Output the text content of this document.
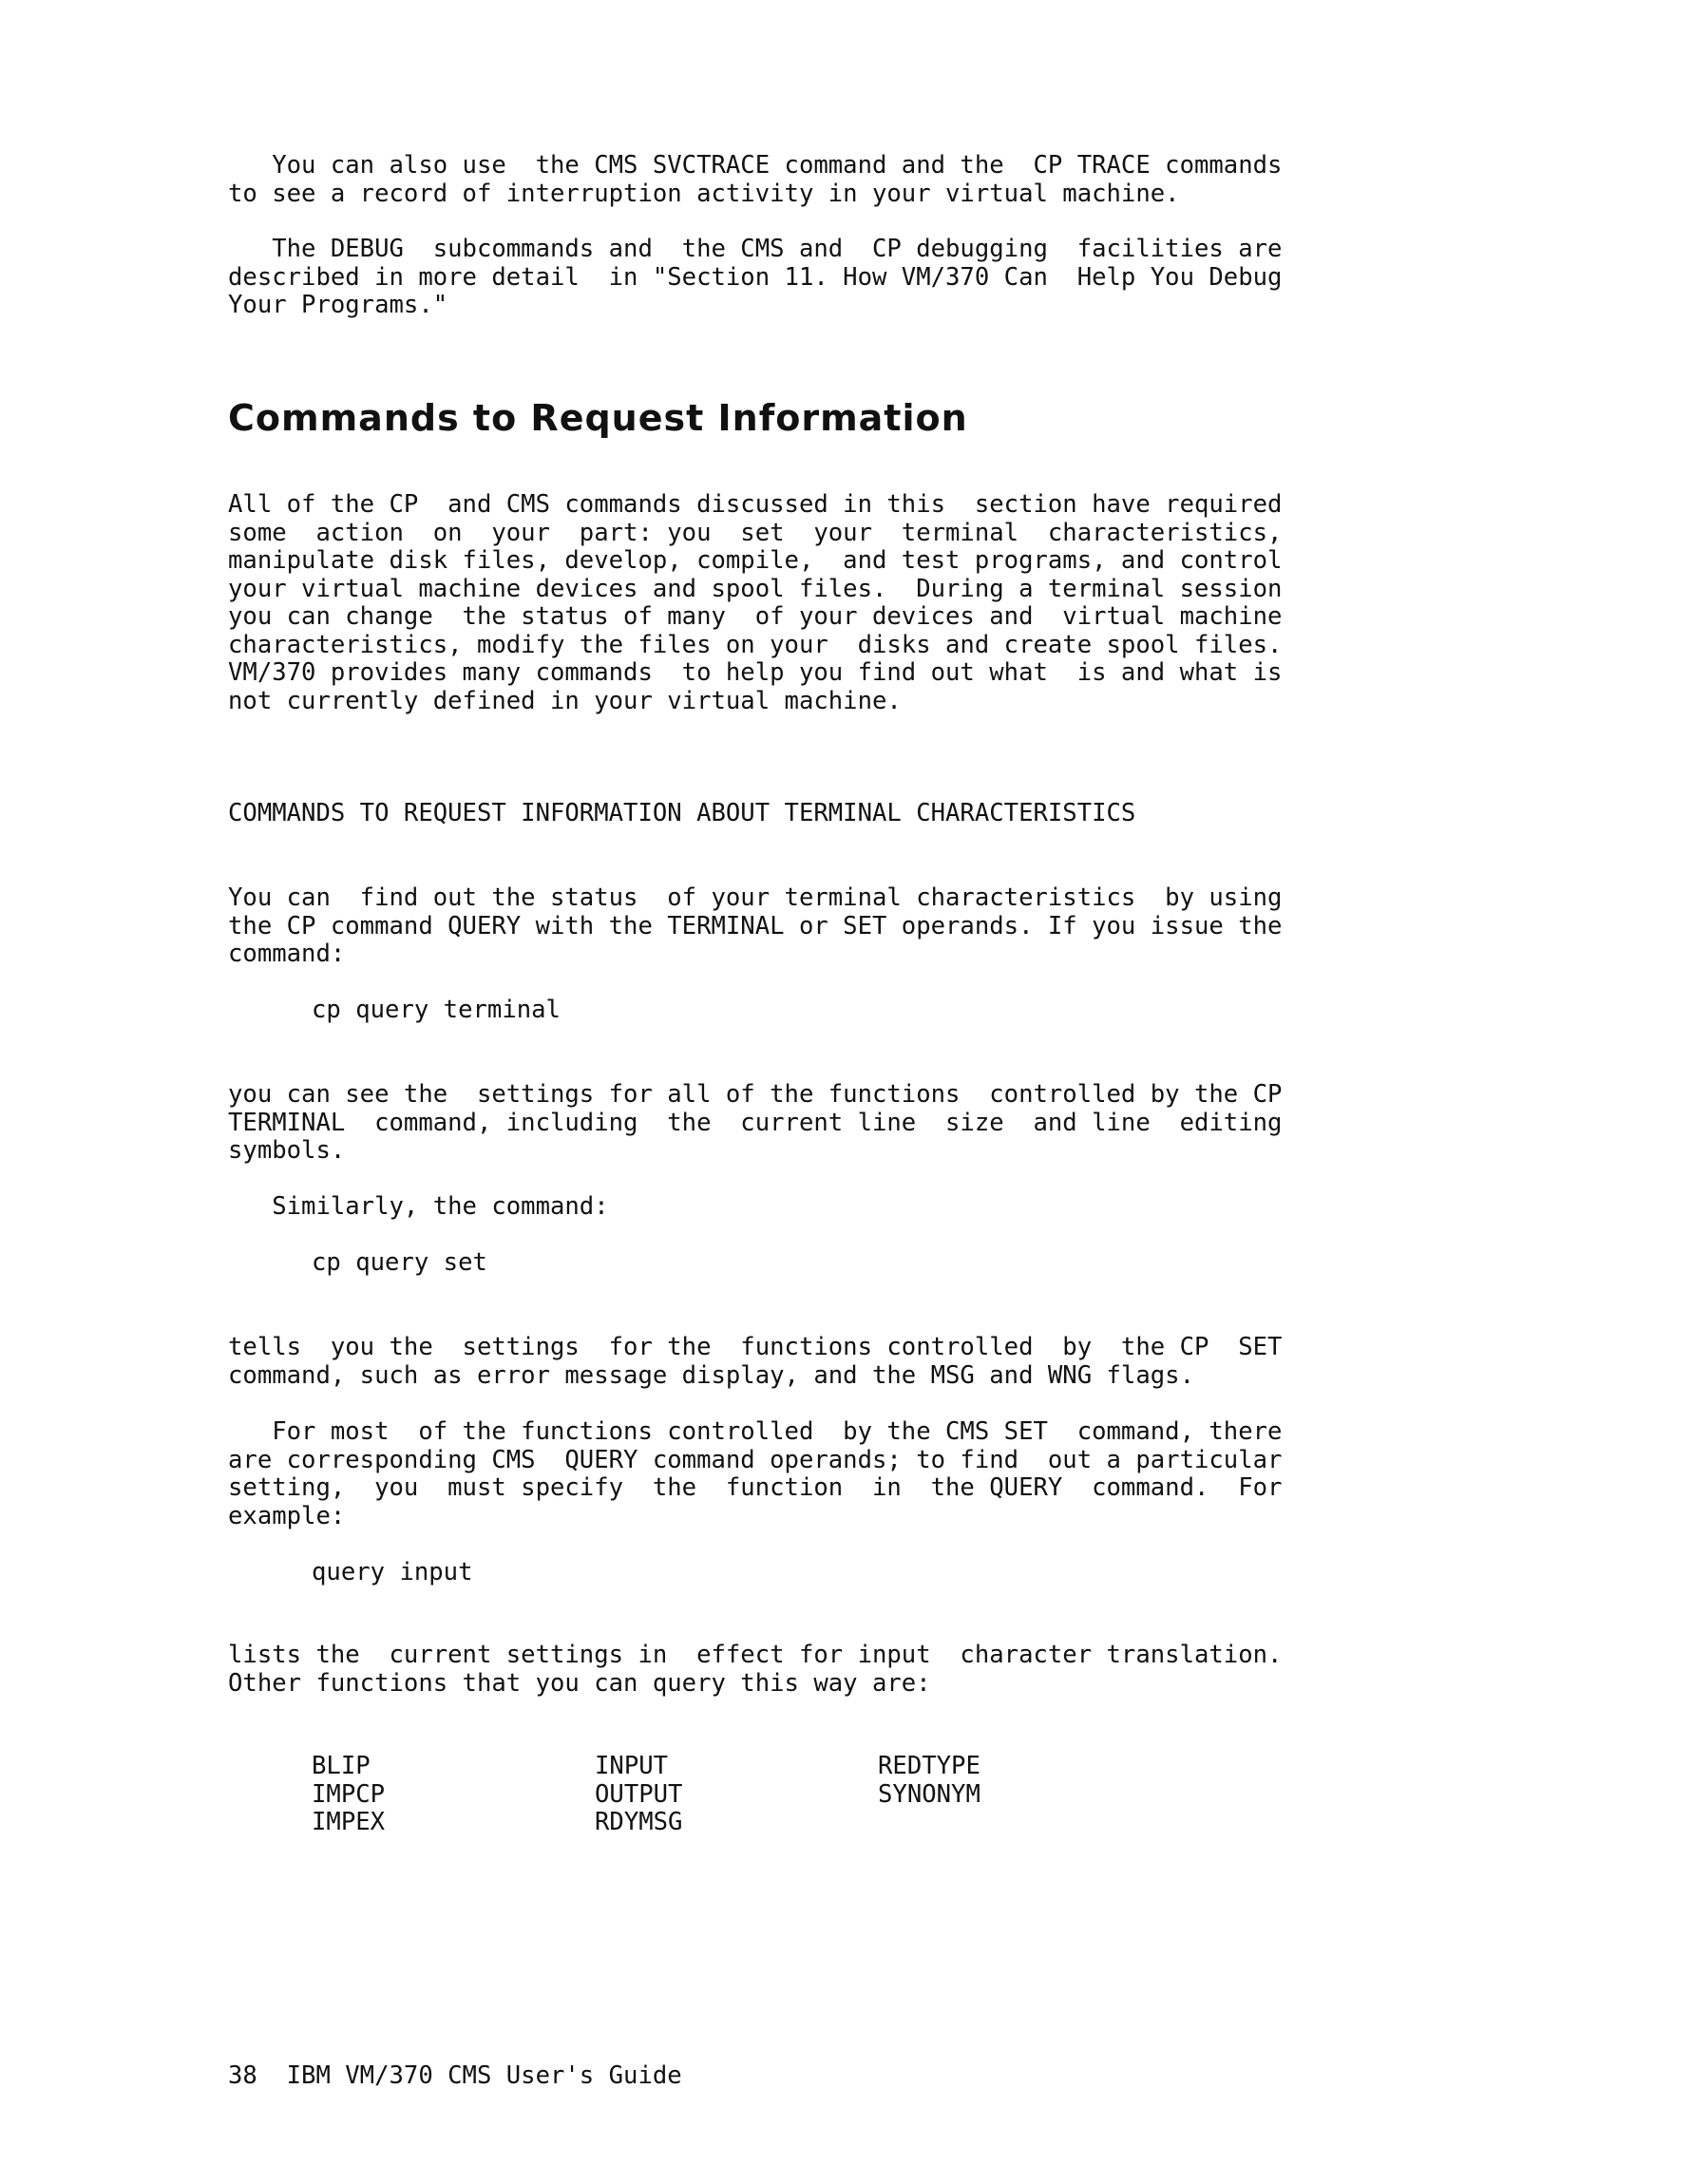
You can also use  the CMS SVCTRACE command and the  CP TRACE commands
to see a record of interruption activity in your virtual machine.

The DEBUG  subcommands and  the CMS and  CP debugging  facilities are
described in more detail  in "Section 11. How VM/370 Can  Help You Debug
Your Programs."

Commands to Request Information

All of the CP  and CMS commands discussed in this  section have required
some  action  on  your  part: you  set  your  terminal  characteristics,
manipulate disk files, develop, compile,  and test programs, and control
your virtual machine devices and spool files.  During a terminal session
you can change  the status of many  of your devices and  virtual machine
characteristics, modify the files on your  disks and create spool files.
VM/370 provides many commands  to help you find out what  is and what is
not currently defined in your virtual machine.

COMMANDS TO REQUEST INFORMATION ABOUT TERMINAL CHARACTERISTICS

You can  find out the status  of your terminal characteristics  by using
the CP command QUERY with the TERMINAL or SET operands. If you issue the
command:

cp query terminal

you can see the  settings for all of the functions  controlled by the CP
TERMINAL  command, including  the  current line  size  and line  editing
symbols.

Similarly, the command:

cp query set

tells  you the  settings  for the  functions controlled  by  the CP  SET
command, such as error message display, and the MSG and WNG flags.

For most  of the functions controlled  by the CMS SET  command, there
are corresponding CMS  QUERY command operands; to find  out a particular
setting,  you  must specify  the  function  in  the QUERY  command.  For
example:

query input

lists the  current settings in  effect for input  character translation.
Other functions that you can query this way are:

BLIP
IMPCP
IMPEX
INPUT
OUTPUT
RDYMSG
REDTYPE
SYNONYM

38  IBM VM/370 CMS User's Guide
